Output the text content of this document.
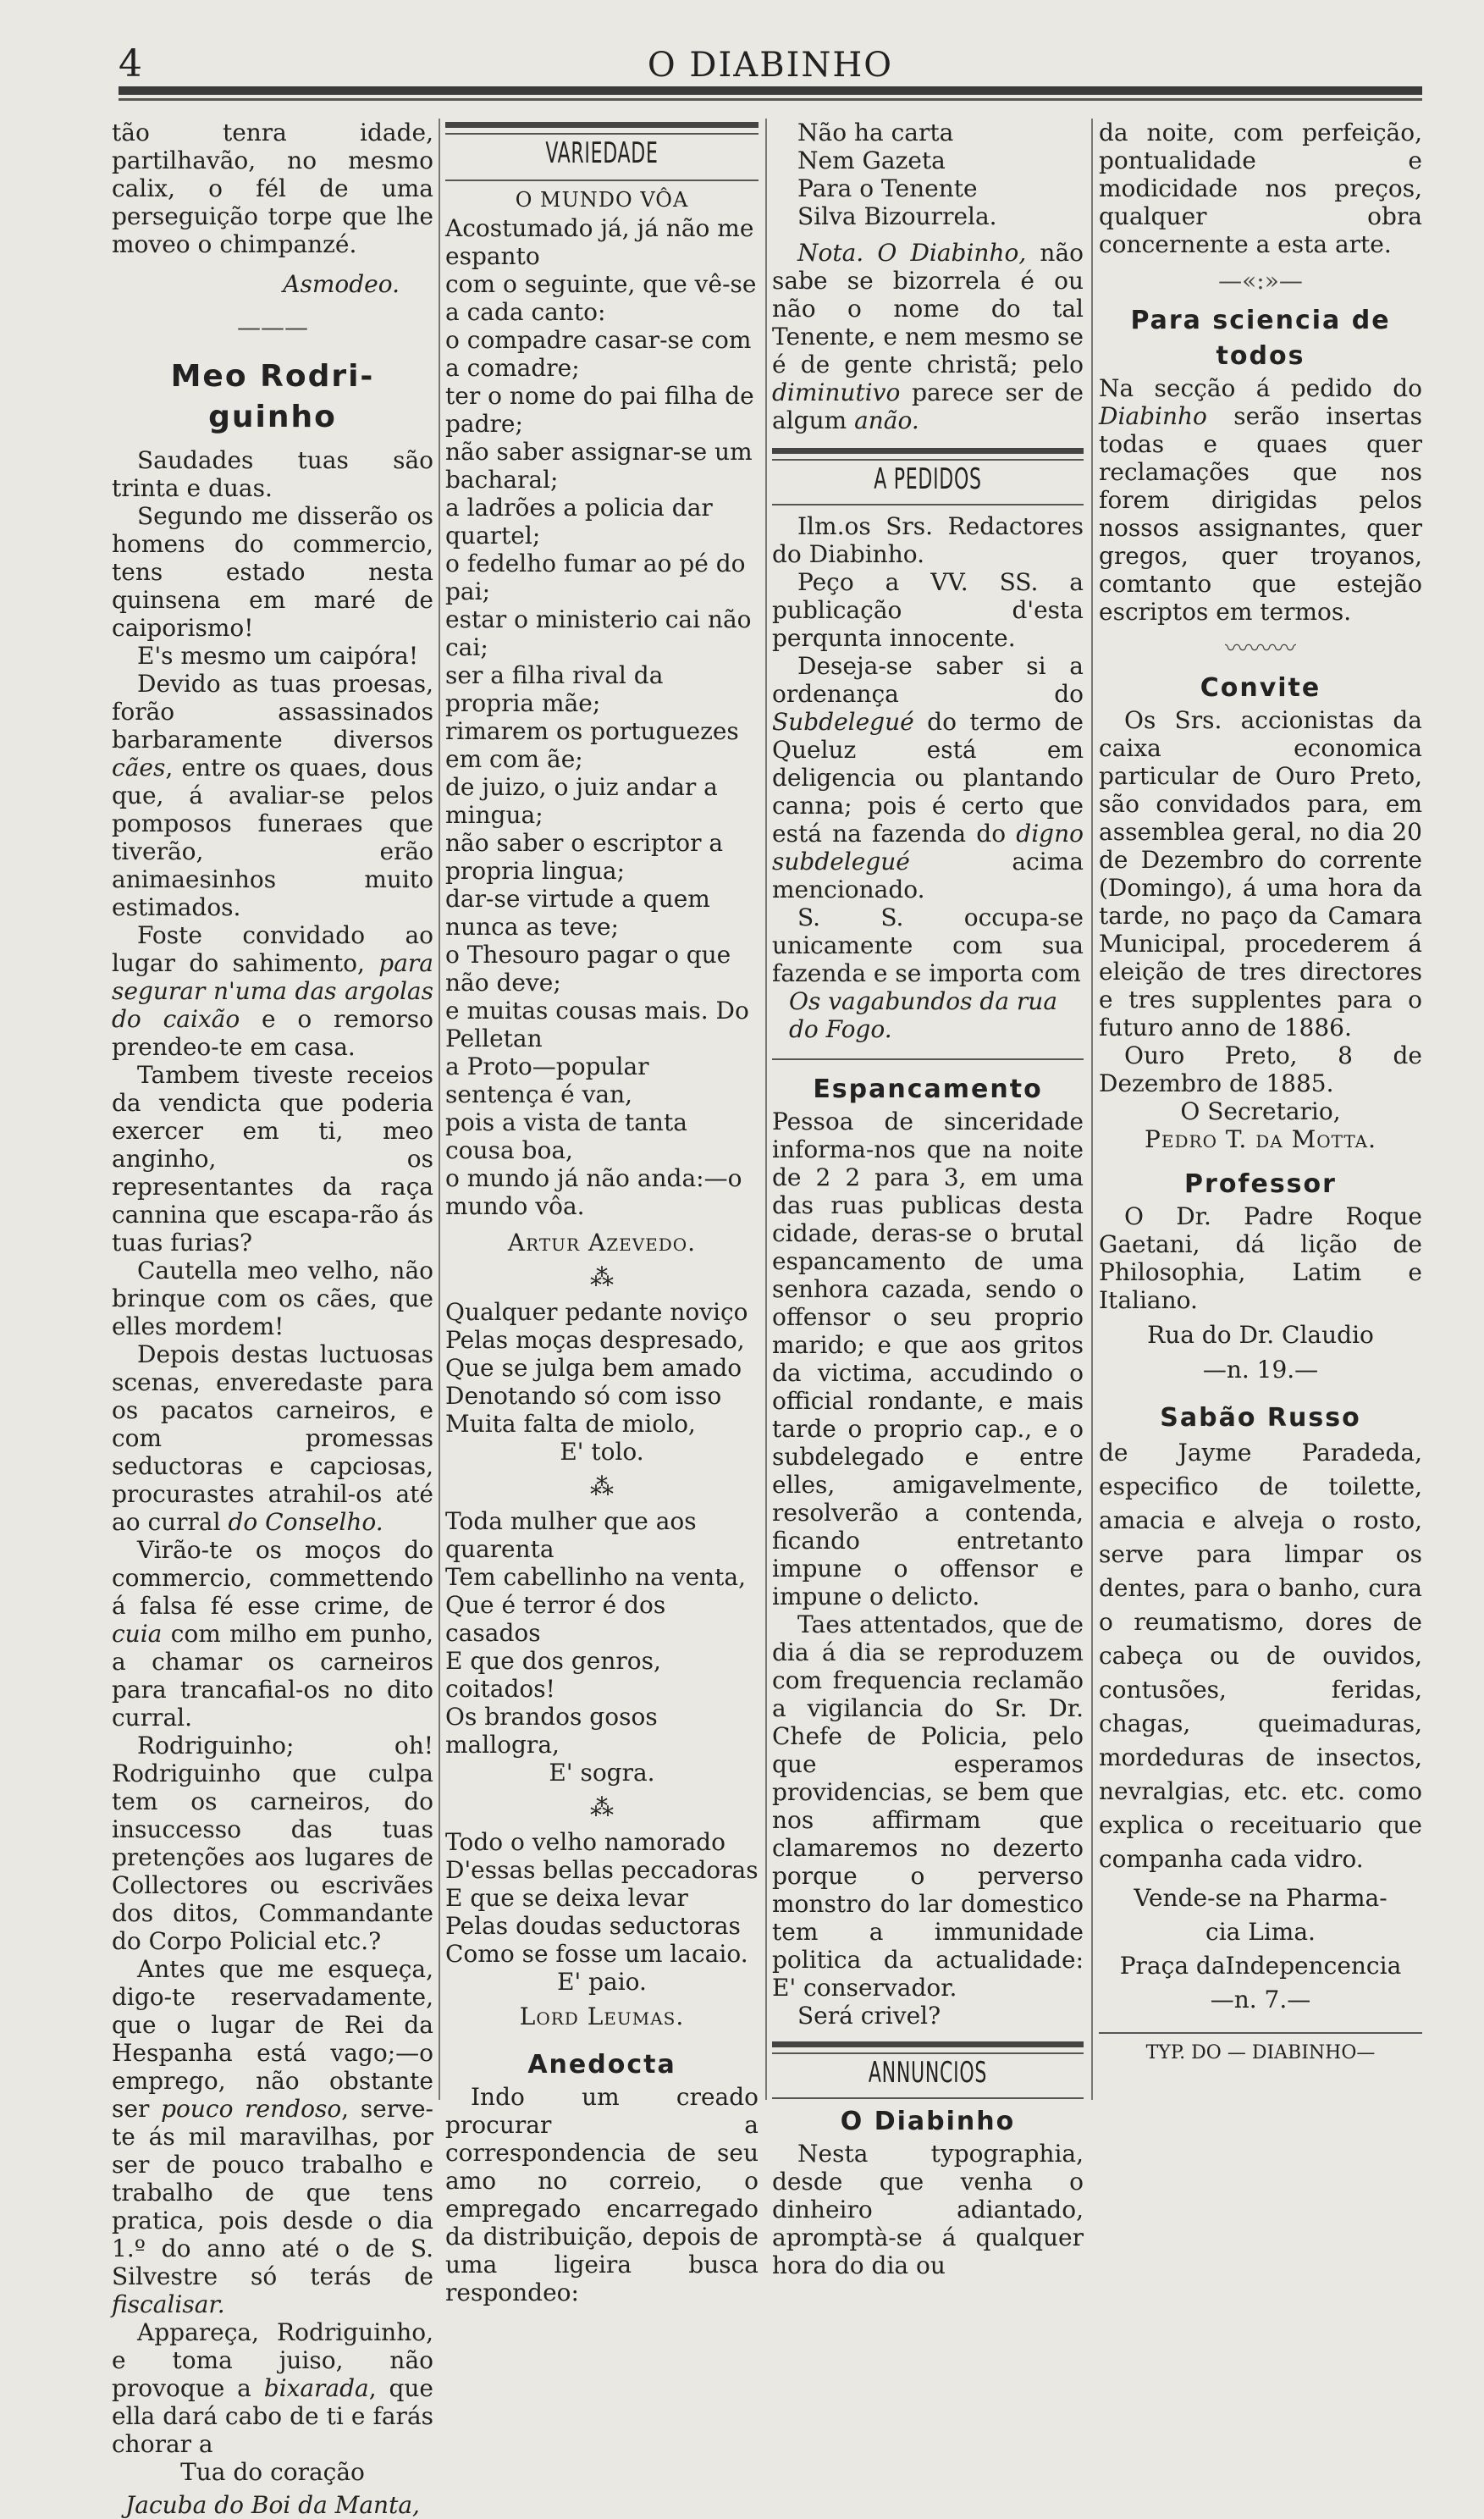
4	O DIABINHO

tão tenra idade, partilhavão, no mesmo calix, o fél de uma perseguição torpe que lhe moveo o chimpanzé.

Asmodeo.

———

Meo Rodri-

guinho

Saudades tuas são trinta e duas.

Segundo me disserão os homens do commercio, tens estado nesta quinsena em maré de caiporismo!

E's mesmo um caipóra!

Devido as tuas proesas, forão assassinados barbaramente diversos cães, entre os quaes, dous que, á avaliar-se pelos pomposos funeraes que tiverão, erão animaesinhos muito estimados.

Foste convidado ao lugar do sahimento, para segurar n'uma das argolas do caixão e o remorso prendeo-te em casa.

Tambem tiveste receios da vendicta que poderia exercer em ti, meo anginho, os representantes da raça cannina que escapa-rão ás tuas furias?

Cautella meo velho, não brinque com os cães, que elles mordem!

Depois destas luctuosas scenas, enveredaste para os pacatos carneiros, e com promessas seductoras e capciosas, procurastes atrahil-os até ao curral do Conselho.

Virão-te os moços do commercio, commettendo á falsa fé esse crime, de cuia com milho em punho, a chamar os carneiros para trancafial-os no dito curral.

Rodriguinho; oh! Rodriguinho que culpa tem os carneiros, do insuccesso das tuas pretenções aos lugares de Collectores ou escrivães dos ditos, Commandante do Corpo Policial etc.?

Antes que me esqueça, digo-te reservadamente, que o lugar de Rei da Hespanha está vago;—o emprego, não obstante ser pouco rendoso, serve-te ás mil maravilhas, por ser de pouco trabalho e trabalho de que tens pratica, pois desde o dia 1.º do anno até o de S. Silvestre só terás de fiscalisar.

Appareça, Rodriguinho, e toma juiso, não provoque a bixarada, que ella dará cabo de ti e farás chorar a

Tua do coração

Jacuba do Boi da Manta,

VARIEDADE

O MUNDO VÔA

Acostumado já, já não me espanto

com o seguinte, que vê-se a cada canto:

o compadre casar-se com a comadre;

ter o nome do pai filha de padre;

não saber assignar-se um bacharal;

a ladrões a policia dar quartel;

o fedelho fumar ao pé do pai;

estar o ministerio cai não cai;

ser a filha rival da propria mãe;

rimarem os portuguezes em com ãe;

de juizo, o juiz andar a mingua;

não saber o escriptor a propria lingua;

dar-se virtude a quem nunca as teve;

o Thesouro pagar o que não deve;

e muitas cousas mais. Do Pelletan

a Proto—popular sentença é van,

pois a vista de tanta cousa boa,

o mundo já não anda:—o mundo vôa.

Artur Azevedo.

⁂

Qualquer pedante noviço

Pelas moças despresado,

Que se julga bem amado

Denotando só com isso

Muita falta de miolo,

E' tolo.

⁂

Toda mulher que aos quarenta

Tem cabellinho na venta,

Que é terror é dos casados

E que dos genros, coitados!

Os brandos gosos mallogra,

E' sogra.

⁂

Todo o velho namorado

D'essas bellas peccadoras

E que se deixa levar

Pelas doudas seductoras

Como se fosse um lacaio.

E' paio.

Lord Leumas.

Anedocta

Indo um creado procurar a correspondencia de seu amo no correio, o empregado encarregado da distribuição, depois de uma ligeira busca respondeo:

Não ha carta

Nem Gazeta

Para o Tenente

Silva Bizourrela.

Nota. O Diabinho, não sabe se bizorrela é ou não o nome do tal Tenente, e nem mesmo se é de gente christã; pelo diminutivo parece ser de algum anão.

A PEDIDOS

Ilm.os Srs. Redactores do Diabinho.

Peço a VV. SS. a publicação d'esta perqunta innocente.

Deseja-se saber si a ordenança do Subdelegué do termo de Queluz está em deligencia ou plantando canna; pois é certo que está na fazenda do digno subdelegué acima mencionado.

S. S. occupa-se unicamente com sua fazenda e se importa com

Os vagabundos da rua do Fogo.

Espancamento

Pessoa de sinceridade informa-nos que na noite de 2 2 para 3, em uma das ruas publicas desta cidade, deras-se o brutal espancamento de uma senhora cazada, sendo o offensor o seu proprio marido; e que aos gritos da victima, accudindo o official rondante, e mais tarde o proprio cap., e o subdelegado e entre elles, amigavelmente, resolverão a contenda, ficando entretanto impune o offensor e impune o delicto.

Taes attentados, que de dia á dia se reproduzem com frequencia reclamão a vigilancia do Sr. Dr. Chefe de Policia, pelo que esperamos providencias, se bem que nos affirmam que clamaremos no dezerto porque o perverso monstro do lar domestico tem a immunidade politica da actualidade: E' conservador.

Será crivel?

ANNUNCIOS

O Diabinho

Nesta typographia, desde que venha o dinheiro adiantado, apromptà-se á qualquer hora do dia ou

da noite, com perfeição, pontualidade e modicidade nos preços, qualquer obra concernente a esta arte.

—«:»—

Para sciencia de

todos

Na secção á pedido do Diabinho serão insertas todas e quaes quer reclamações que nos forem dirigidas pelos nossos assignantes, quer gregos, quer troyanos, comtanto que estejão escriptos em termos.

〰〰〰

Convite

Os Srs. accionistas da caixa economica particular de Ouro Preto, são convidados para, em assemblea geral, no dia 20 de Dezembro do corrente (Domingo), á uma hora da tarde, no paço da Camara Municipal, procederem á eleição de tres directores e tres supplentes para o futuro anno de 1886.

Ouro Preto, 8 de Dezembro de 1885.

O Secretario,

Pedro T. da Motta.

Professor

O Dr. Padre Roque Gaetani, dá lição de Philosophia, Latim e Italiano.

Rua do Dr. Claudio

—n. 19.—

Sabão Russo

de Jayme Paradeda, especifico de toilette, amacia e alveja o rosto, serve para limpar os dentes, para o banho, cura o reumatismo, dores de cabeça ou de ouvidos, contusões, feridas, chagas, queimaduras, mordeduras de insectos, nevralgias, etc. etc. como explica o receituario que companha cada vidro.

Vende-se na Pharma-

cia Lima.

Praça daIndepencencia

—n. 7.—

TYP. DO — DIABINHO—
